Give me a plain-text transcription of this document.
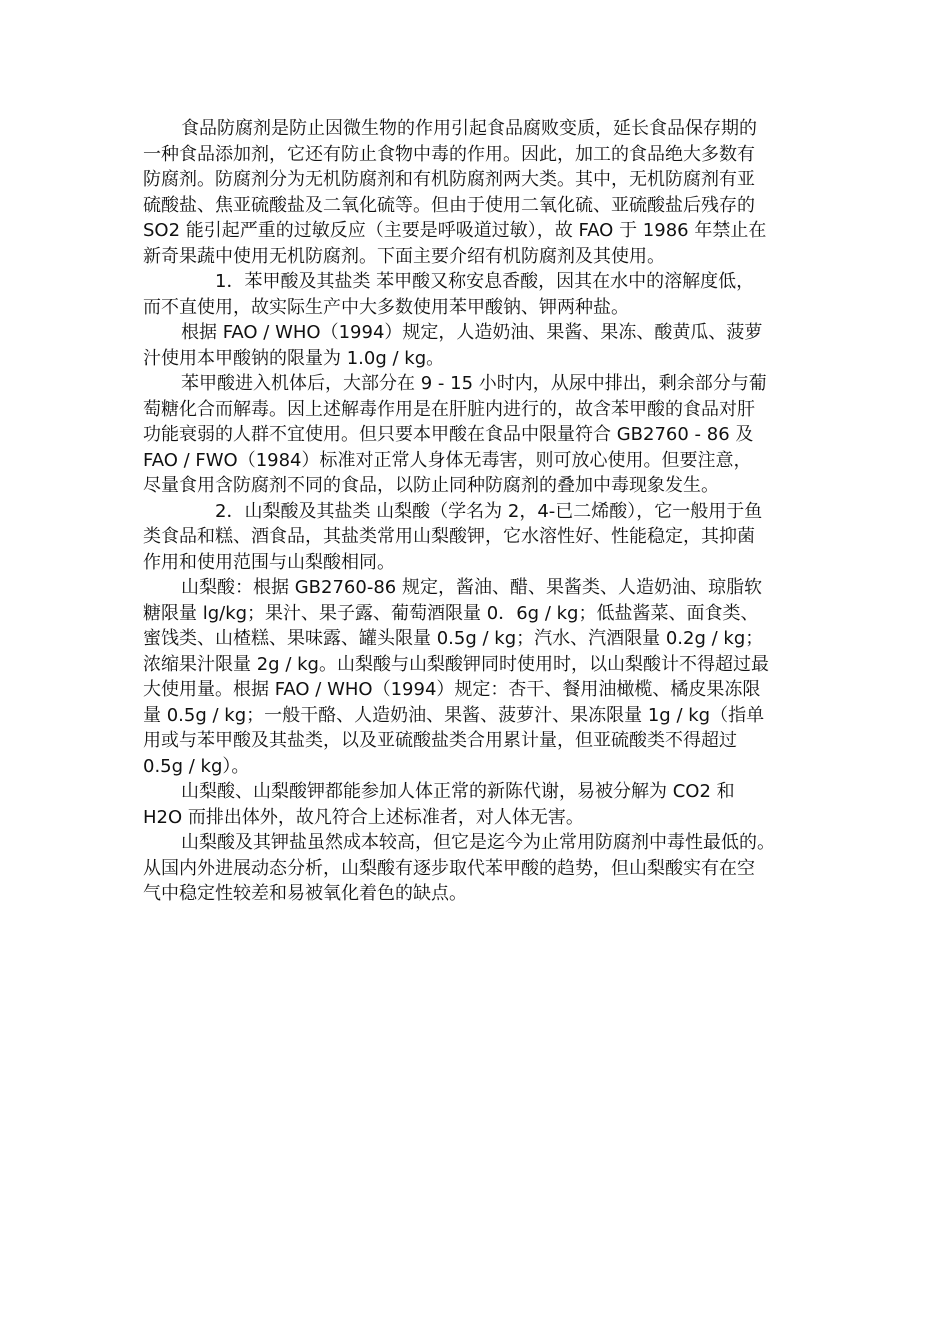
食品防腐剂是防止因微生物的作用引起食品腐败变质，延长食品保存期的
一种食品添加剂，它还有防止食物中毒的作用。因此，加工的食品绝大多数有
防腐剂。防腐剂分为无机防腐剂和有机防腐剂两大类。其中，无机防腐剂有亚
硫酸盐、焦亚硫酸盐及二氧化硫等。但由于使用二氧化硫、亚硫酸盐后残存的
SO2 能引起严重的过敏反应（主要是呼吸道过敏），故 FAO 于 1986 年禁止在
新奇果蔬中使用无机防腐剂。下面主要介绍有机防腐剂及其使用。
1．苯甲酸及其盐类 苯甲酸又称安息香酸，因其在水中的溶解度低，
而不直使用，故实际生产中大多数使用苯甲酸钠、钾两种盐。
根据 FAO / WHO（1994）规定，人造奶油、果酱、果冻、酸黄瓜、菠萝
汁使用本甲酸钠的限量为 1.0g / kg。
苯甲酸进入机体后，大部分在 9 - 15 小时内，从尿中排出，剩余部分与葡
萄糖化合而解毒。因上述解毒作用是在肝脏内进行的，故含苯甲酸的食品对肝
功能衰弱的人群不宜使用。但只要本甲酸在食品中限量符合 GB2760 - 86 及
FAO / FWO（1984）标准对正常人身体无毒害，则可放心使用。但要注意，
尽量食用含防腐剂不同的食品，以防止同种防腐剂的叠加中毒现象发生。
2．山梨酸及其盐类 山梨酸（学名为 2，4-已二烯酸），它一般用于鱼
类食品和糕、酒食品，其盐类常用山梨酸钾，它水溶性好、性能稳定，其抑菌
作用和使用范围与山梨酸相同。
山梨酸：根据 GB2760-86 规定，酱油、醋、果酱类、人造奶油、琼脂软
糖限量 lg/kg；果汁、果子露、葡萄酒限量 0．6g / kg；低盐酱菜、面食类、
蜜饯类、山楂糕、果味露、罐头限量 0.5g / kg；汽水、汽酒限量 0.2g / kg；
浓缩果汁限量 2g / kg。山梨酸与山梨酸钾同时使用时，以山梨酸计不得超过最
大使用量。根据 FAO / WHO（1994）规定：杏干、餐用油橄榄、橘皮果冻限
量 0.5g / kg；一般干酪、人造奶油、果酱、菠萝汁、果冻限量 1g / kg（指单
用或与苯甲酸及其盐类，以及亚硫酸盐类合用累计量，但亚硫酸类不得超过
0.5g / kg）。
山梨酸、山梨酸钾都能参加人体正常的新陈代谢，易被分解为 CO2 和
H2O 而排出体外，故凡符合上述标准者，对人体无害。
山梨酸及其钾盐虽然成本较高，但它是迄今为止常用防腐剂中毒性最低的。
从国内外进展动态分析，山梨酸有逐步取代苯甲酸的趋势，但山梨酸实有在空
气中稳定性较差和易被氧化着色的缺点。
